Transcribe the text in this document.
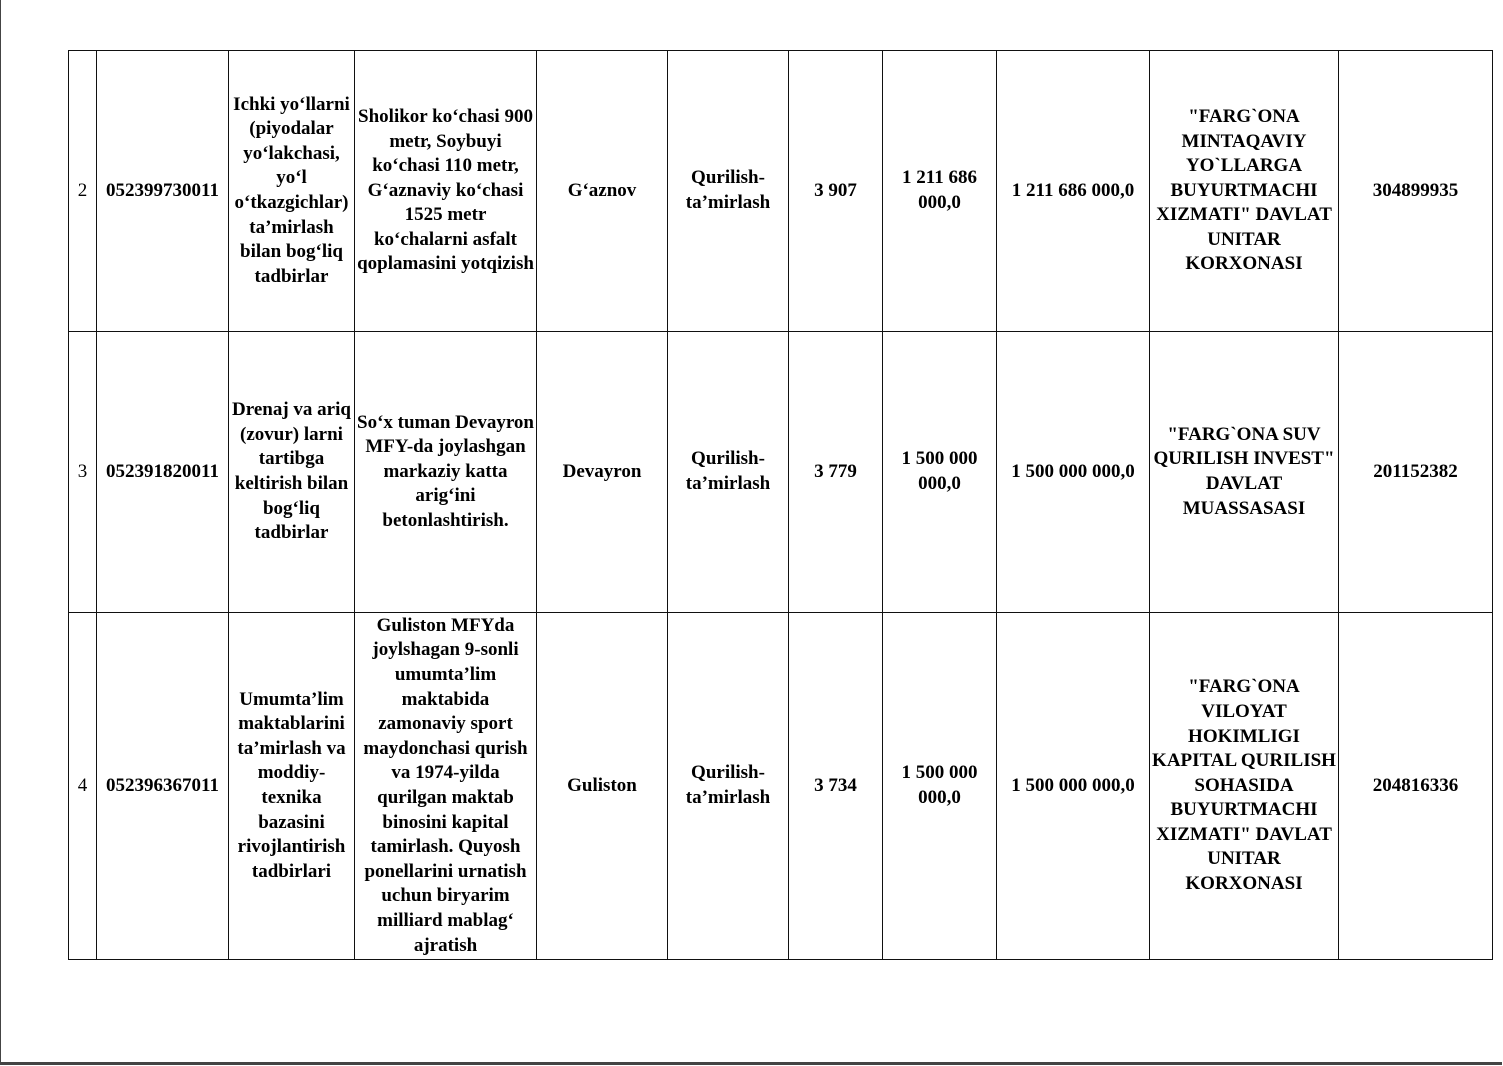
2	052399730011	Ichki yo‘llarni (piyodalar yo‘lakchasi, yo‘l o‘tkazgichlar) ta’mirlash bilan bog‘liq tadbirlar	Sholikor ko‘chasi 900 metr, Soybuyi ko‘chasi 110 metr, G‘aznaviy ko‘chasi 1525 metr ko‘chalarni asfalt qoplamasini yotqizish	G‘aznov	Qurilish-ta’mirlash	3 907	1 211 686 000,0	1 211 686 000,0	"FARG`ONA MINTAQAVIY YO`LLARGA BUYURTMACHI XIZMATI" DAVLAT UNITAR KORXONASI	304899935
3	052391820011	Drenaj va ariq (zovur) larni tartibga keltirish bilan bog‘liq tadbirlar	So‘x tuman Devayron MFY-da joylashgan markaziy katta arig‘ini betonlashtirish.	Devayron	Qurilish-ta’mirlash	3 779	1 500 000 000,0	1 500 000 000,0	"FARG`ONA SUV QURILISH INVEST" DAVLAT MUASSASASI	201152382
4	052396367011	Umumta’lim maktablarini ta’mirlash va moddiy-texnika bazasini rivojlantirish tadbirlari	Guliston MFYda joylshagan 9-sonli umumta’lim maktabida zamonaviy sport maydonchasi qurish va 1974-yilda qurilgan maktab binosini kapital tamirlash. Quyosh ponellarini urnatish uchun biryarim milliard mablag‘ ajratish	Guliston	Qurilish-ta’mirlash	3 734	1 500 000 000,0	1 500 000 000,0	"FARG`ONA VILOYAT HOKIMLIGI KAPITAL QURILISH SOHASIDA BUYURTMACHI XIZMATI" DAVLAT UNITAR KORXONASI	204816336
